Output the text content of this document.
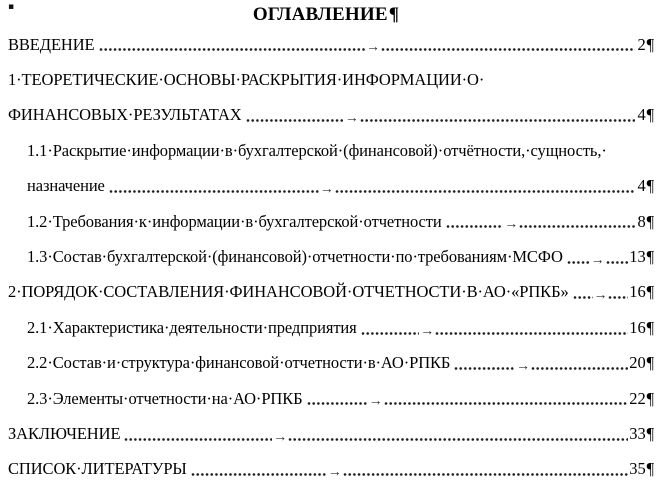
▪	ОГЛАВЛЕНИЕ¶
ВВЕДЕНИЕ	→	2 ¶
1·ТЕОРЕТИЧЕСКИЕ·ОСНОВЫ·РАСКРЫТИЯ·ИНФОРМАЦИИ·О·
ФИНАНСОВЫХ·РЕЗУЛЬТАТАХ	→	4 ¶
1.1·Раскрытие·информации·в·бухгалтерской·(финансовой)·отчётности,·сущность,·
назначение	→	4 ¶
1.2·Требования·к·информации·в·бухгалтерской·отчетности	→	8 ¶
1.3·Состав·бухгалтерской·(финансовой)·отчетности·по·требованиям·МСФО → 13 ¶
2·ПОРЯДОК·СОСТАВЛЕНИЯ·ФИНАНСОВОЙ·ОТЧЕТНОСТИ·В·АО·«РПКБ» → 16 ¶
2.1·Характеристика·деятельности·предприятия	→	16 ¶
2.2·Состав·и·структура·финансовой·отчетности·в·АО·РПКБ	→	20 ¶
2.3·Элементы·отчетности·на·АО·РПКБ	→	22 ¶
ЗАКЛЮЧЕНИЕ	→	33 ¶
СПИСОК·ЛИТЕРАТУРЫ	→	35 ¶
